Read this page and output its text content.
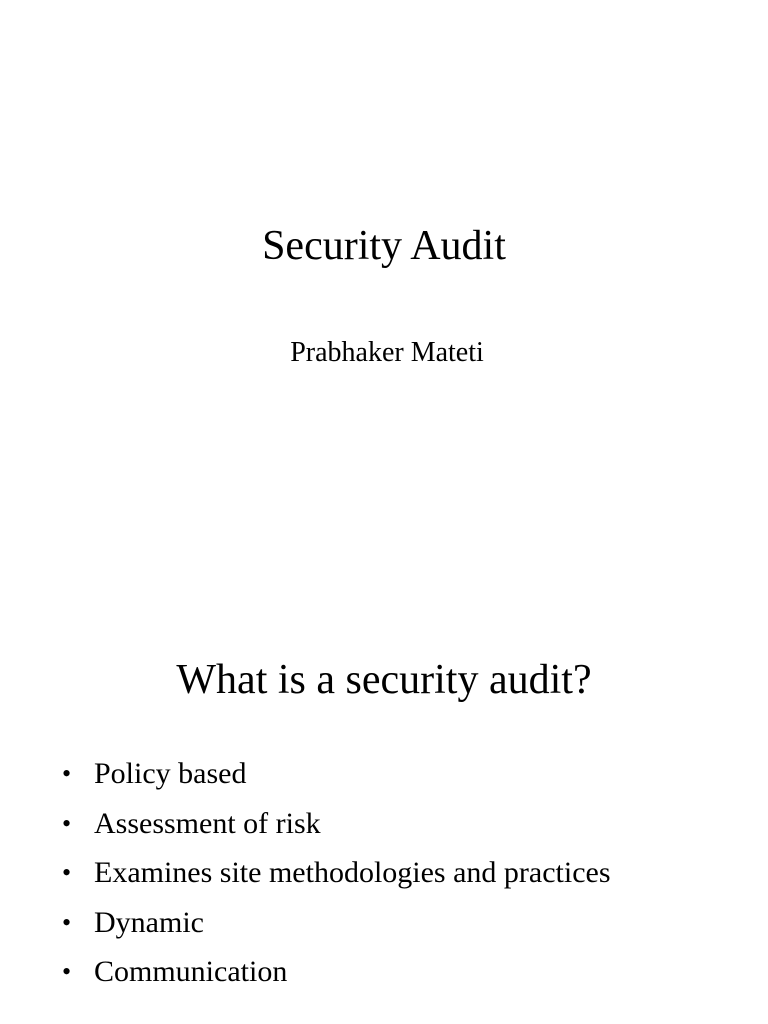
Security Audit

Prabhaker Mateti

What is a security audit?
• Policy based
• Assessment of risk
• Examines site methodologies and practices
• Dynamic
• Communication
